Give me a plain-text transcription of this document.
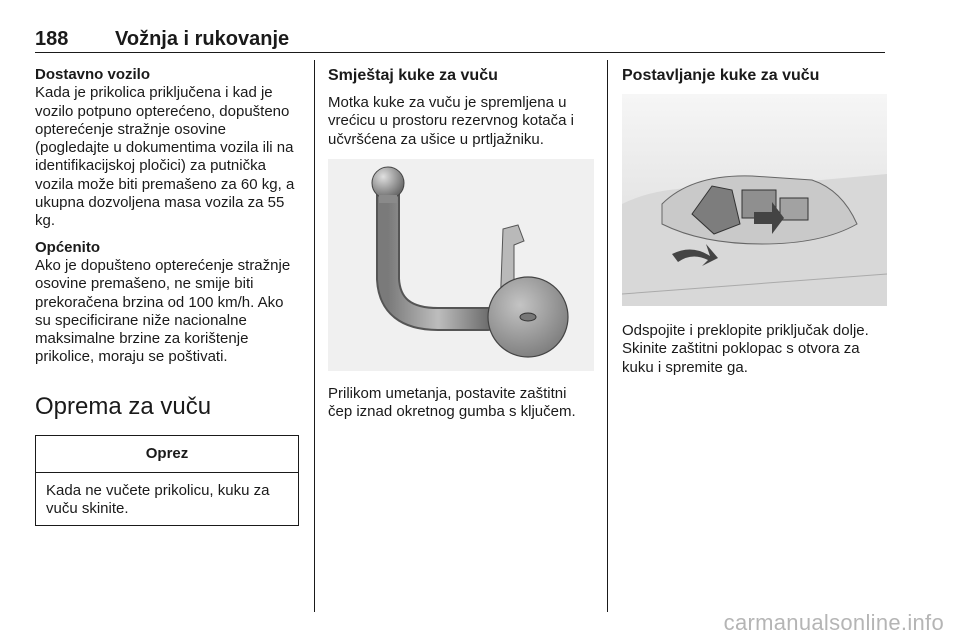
188 Vožnja i rukovanje
Dostavno vozilo

Kada je prikolica priključena i kad je vozilo potpuno opterećeno, dopušteno opterećenje stražnje osovine (pogledajte u dokumentima vozila ili na identifikacijskoj pločici) za putnička vozila može biti premašeno za 60 kg, a ukupna dozvoljena masa vozila za 55 kg.

Općenito

Ako je dopušteno opterećenje stražnje osovine premašeno, ne smije biti prekoračena brzina od 100 km/h. Ako su specificirane niže nacionalne maksimalne brzine za korištenje prikolice, moraju se poštivati.

Oprema za vuču
Oprez
Kada ne vučete prikolicu, kuku za vuču skinite.
Smještaj kuke za vuču

Motka kuke za vuču je spremljena u vrećicu u prostoru rezervnog kotača i učvršćena za ušice u prtljažniku.

Prilikom umetanja, postavite zaštitni čep iznad okretnog gumba s ključem.

Postavljanje kuke za vuču

Odspojite i preklopite priključak dolje. Skinite zaštitni poklopac s otvora za kuku i spremite ga.

carmanualsonline.info
